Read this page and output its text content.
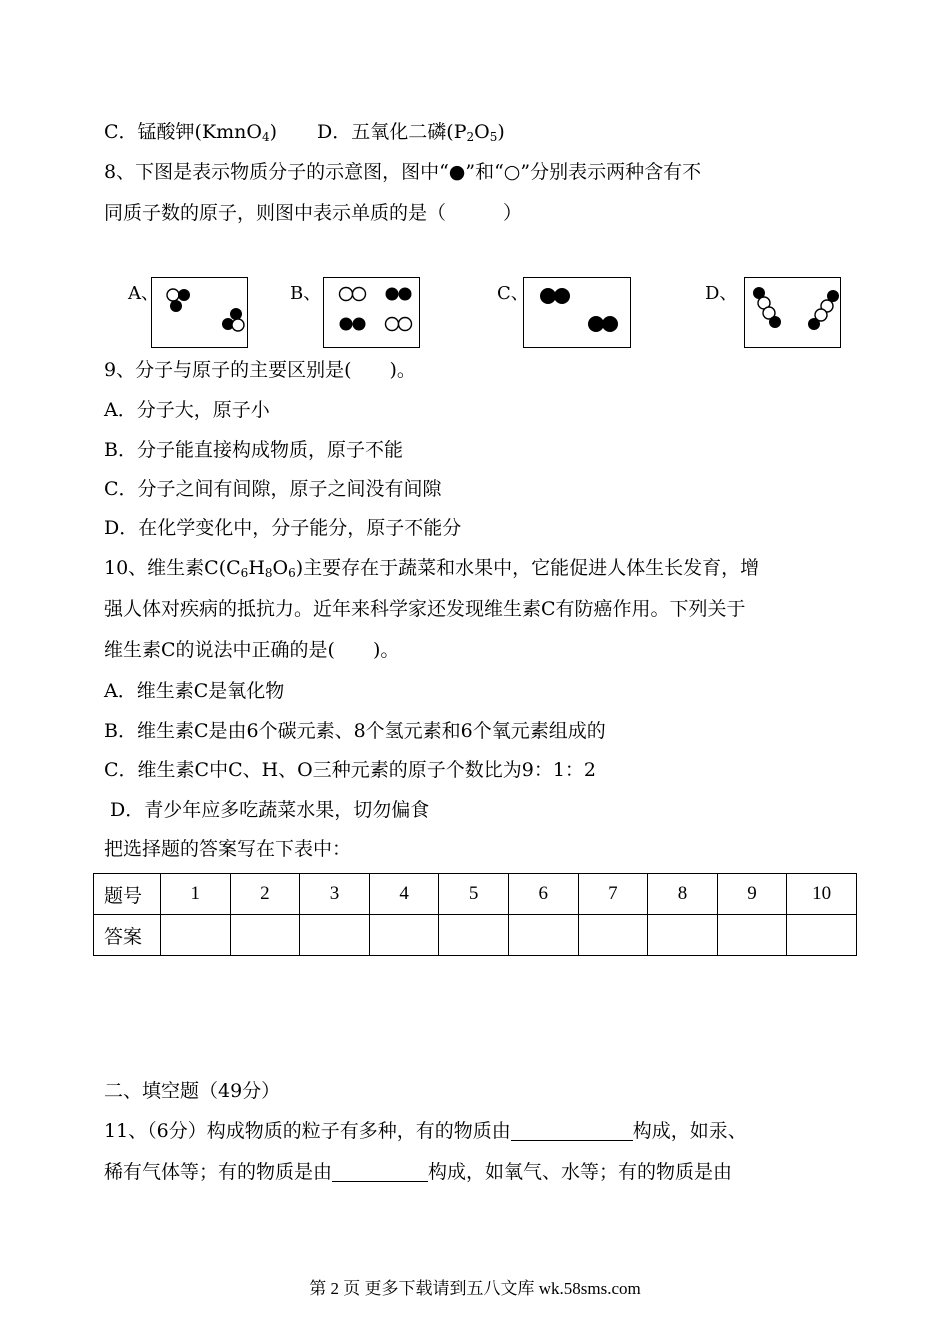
C．锰酸钾(KmnO$_4$) D．五氧化二磷$(P_2O_5)$
8、下图是表示物质分子的示意图，图中“●”和“○”分别表示两种含有不
同质子数的原子，则图中表示单质的是（　　　）
A、	B、	C、	D、
9、分子与原子的主要区别是(　　)。
A．分子大，原子小
B．分子能直接构成物质，原子不能
C．分子之间有间隙，原子之间没有间隙
D．在化学变化中，分子能分，原子不能分
10、维生素$C(C_6H_8O_6)$主要存在于蔬菜和水果中，它能促进人体生长发育，增
强人体对疾病的抵抗力。近年来科学家还发现维生素C有防癌作用。下列关于
维生素C的说法中正确的是(　　)。
A．维生素C是氧化物
B．维生素C是由6个碳元素、8个氢元素和6个氧元素组成的
C．维生素C中C、H、O三种元素的原子个数比为9：1：2
D．青少年应多吃蔬菜水果，切勿偏食
把选择题的答案写在下表中：
题号	1	2	3	4	5	6	7	8	9	10
答案										
二、填空题（49分）
11、（6分）构成物质的粒子有多种，有的物质由	构成，如汞、
稀有气体等；有的物质是由	构成，如氧气、水等；有的物质是由
第 2 页 更多下载请到五八文库 wk.58sms.com
